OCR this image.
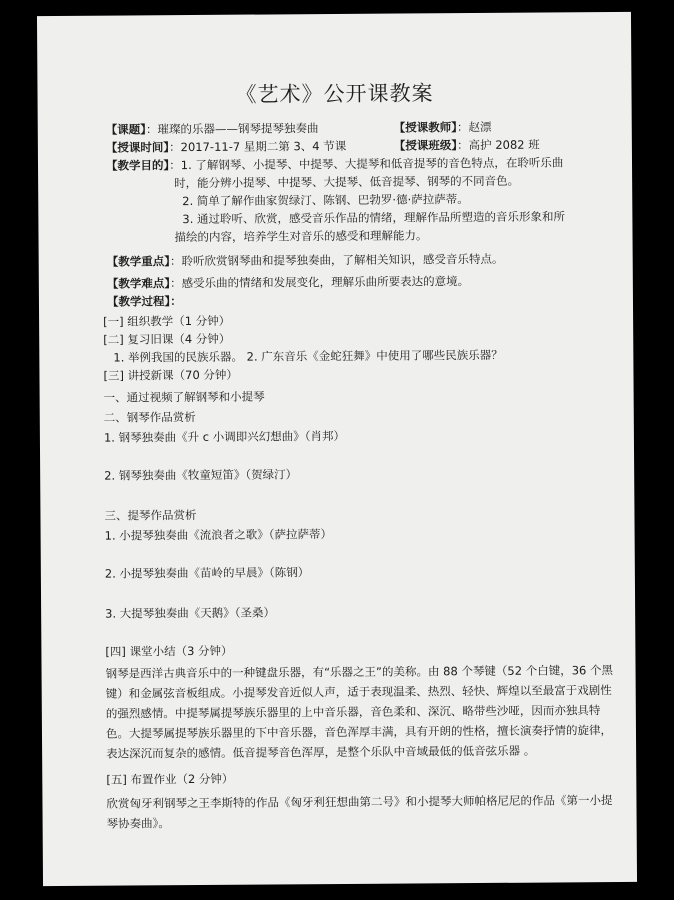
《艺术》公开课教案
【课题】：璀璨的乐器——钢琴提琴独奏曲	【授课教师】：赵漂
【授课时间】：2017-11-7 星期二第 3、4 节课	【授课班级】：高护 2082 班
【教学目的】：1. 了解钢琴、小提琴、中提琴、大提琴和低音提琴的音色特点，在聆听乐曲
时，能分辨小提琴、中提琴、大提琴、低音提琴、钢琴的不同音色。
2. 简单了解作曲家贺绿汀、陈钢、巴勃罗·德·萨拉萨蒂。
3. 通过聆听、欣赏，感受音乐作品的情绪，理解作品所塑造的音乐形象和所
描绘的内容，培养学生对音乐的感受和理解能力。
【教学重点】：聆听欣赏钢琴曲和提琴独奏曲，了解相关知识，感受音乐特点。
【教学难点】：感受乐曲的情绪和发展变化，理解乐曲所要表达的意境。
【教学过程】：
[一] 组织教学（1 分钟）
[二] 复习旧课（4 分钟）
1. 举例我国的民族乐器。 2. 广东音乐《金蛇狂舞》中使用了哪些民族乐器？
[三] 讲授新课（70 分钟）
一、通过视频了解钢琴和小提琴
二、钢琴作品赏析
1. 钢琴独奏曲《升 c 小调即兴幻想曲》（肖邦）
2. 钢琴独奏曲《牧童短笛》（贺绿汀）
三、提琴作品赏析
1. 小提琴独奏曲《流浪者之歌》（萨拉萨蒂）
2. 小提琴独奏曲《苗岭的早晨》（陈钢）
3. 大提琴独奏曲《天鹅》（圣桑）
[四] 课堂小结（3 分钟）
钢琴是西洋古典音乐中的一种键盘乐器，有“乐器之王”的美称。由 88 个琴键（52 个白键，36 个黑键）和金属弦音板组成。小提琴发音近似人声，适于表现温柔、热烈、轻快、辉煌以至最富于戏剧性的强烈感情。中提琴属提琴族乐器里的上中音乐器，音色柔和、深沉、略带些沙哑，因而亦独具特色。大提琴属提琴族乐器里的下中音乐器，音色浑厚丰满，具有开朗的性格，擅长演奏抒情的旋律，表达深沉而复杂的感情。低音提琴音色浑厚，是整个乐队中音域最低的低音弦乐器 。
[五] 布置作业（2 分钟）
欣赏匈牙利钢琴之王李斯特的作品《匈牙利狂想曲第二号》和小提琴大师帕格尼尼的作品《第一小提琴协奏曲》。
